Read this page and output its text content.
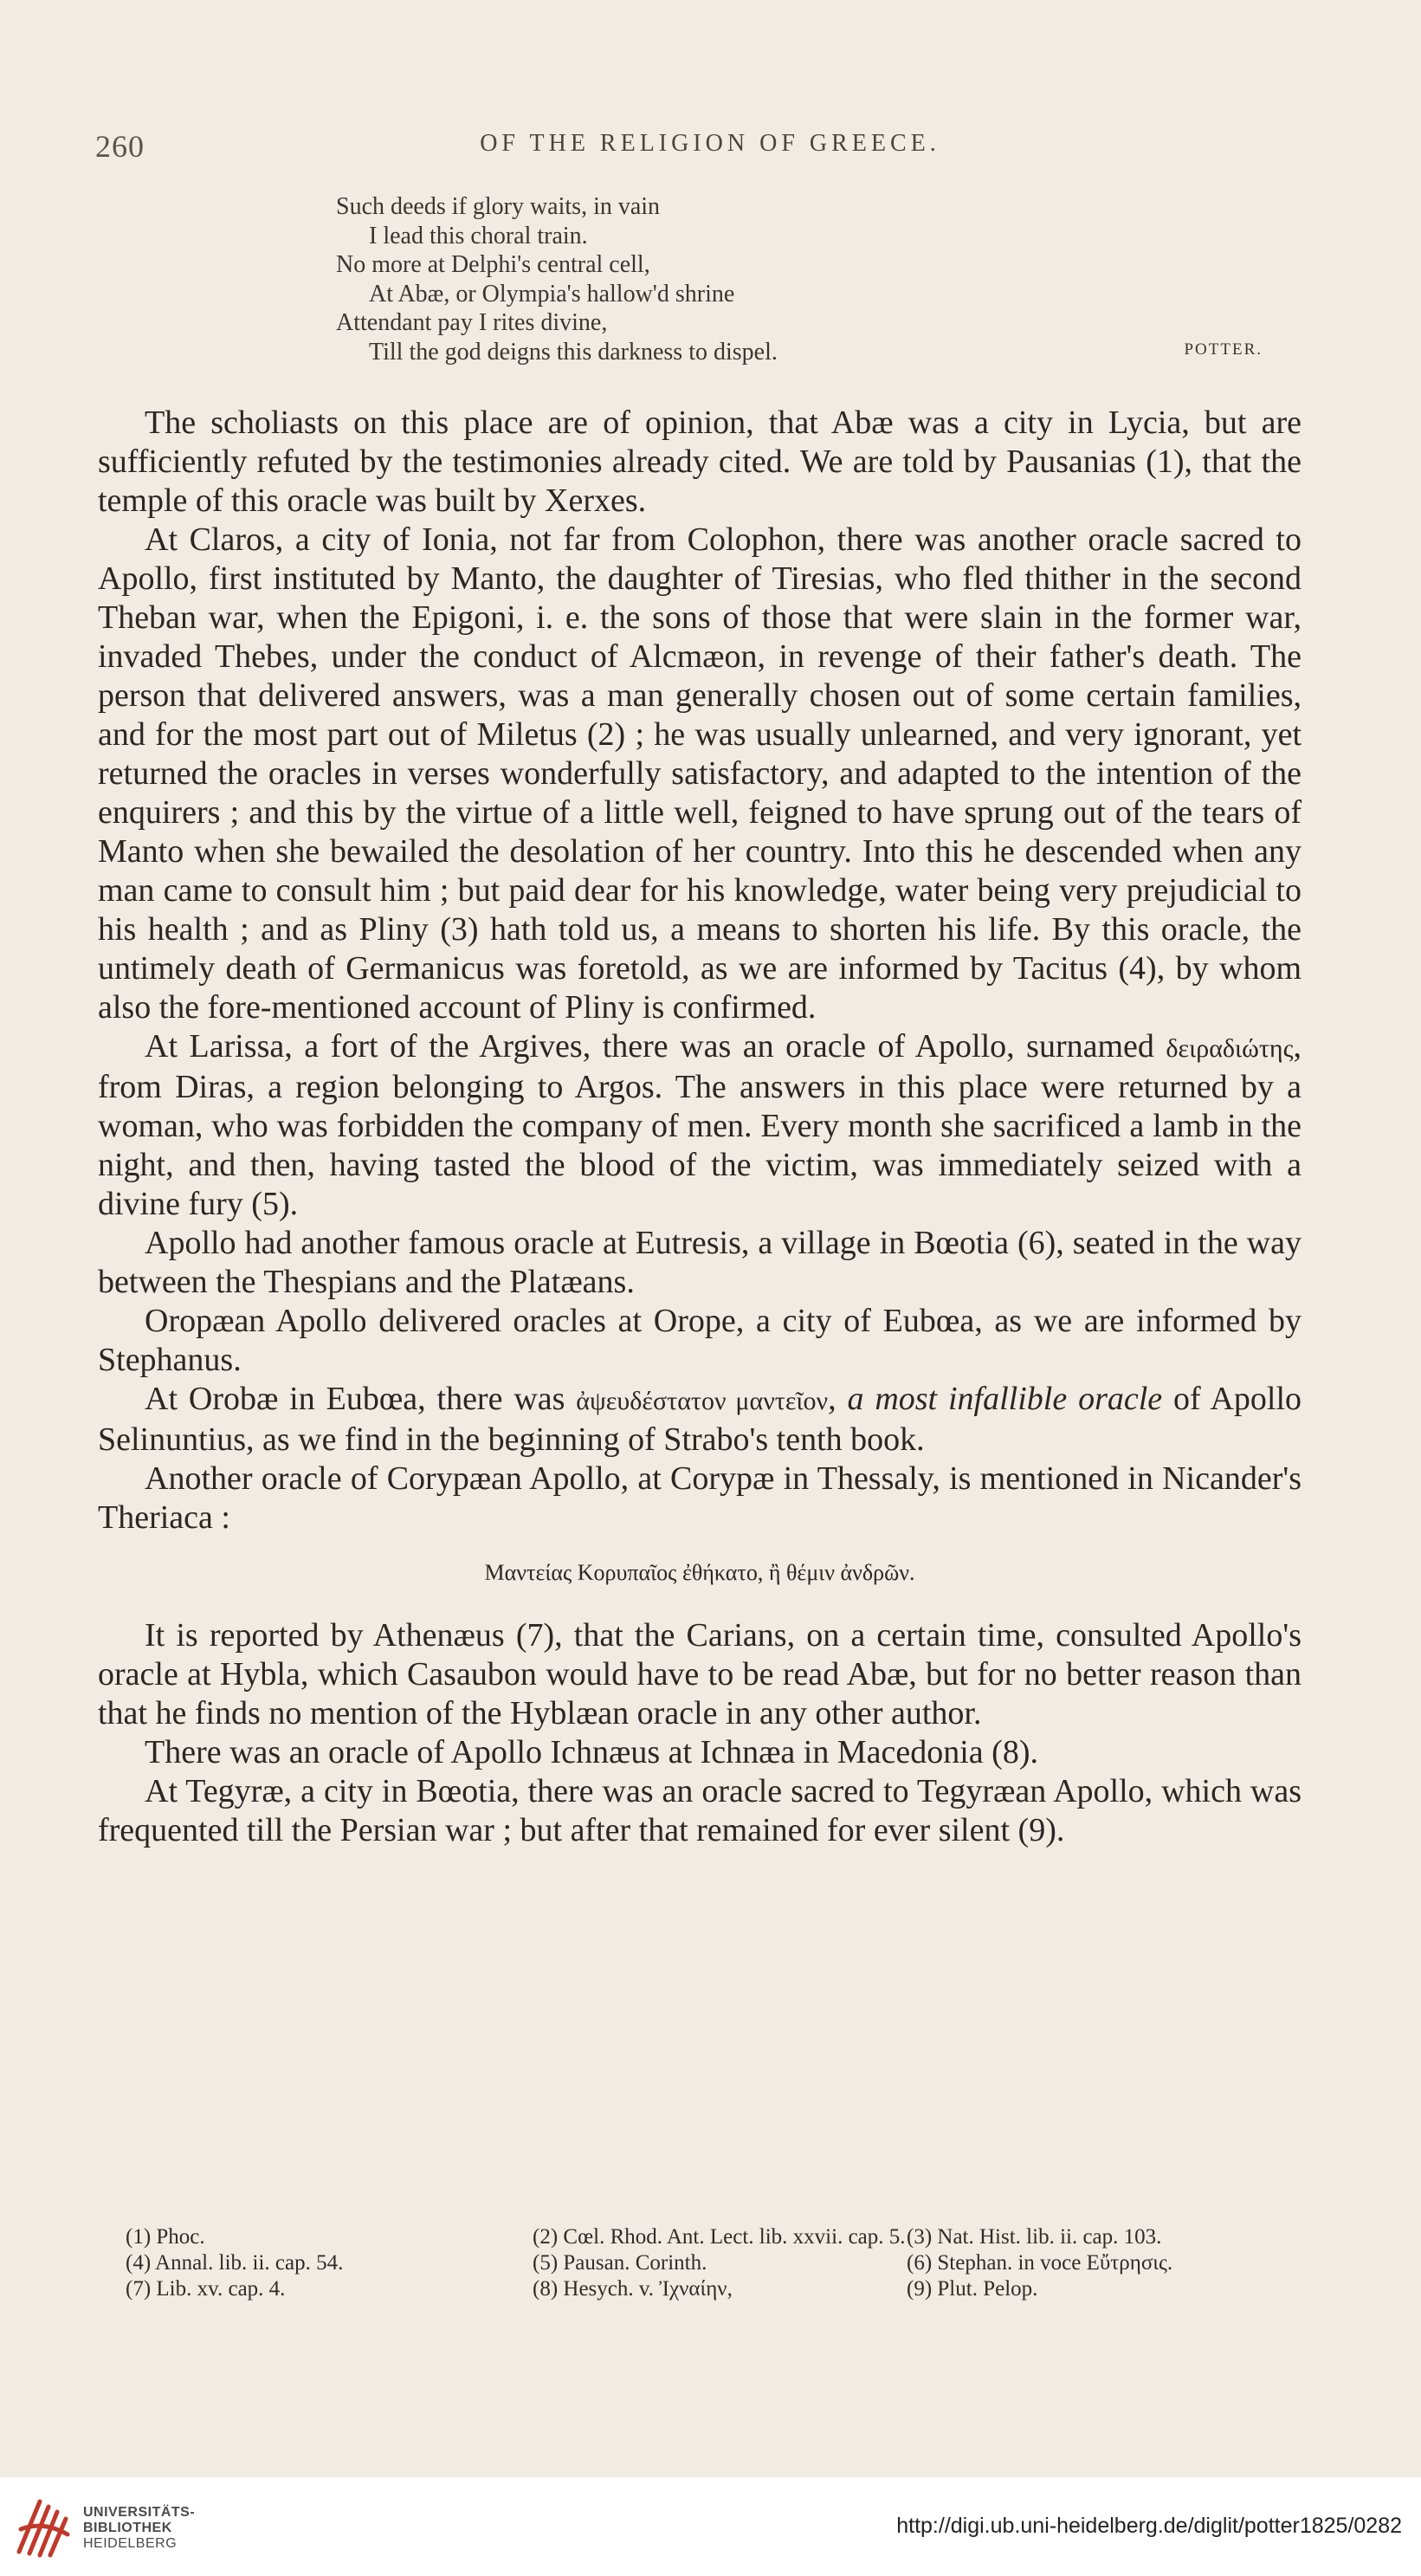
260	OF THE RELIGION OF GREECE.
Such deeds if glory waits, in vain
I lead this choral train.
No more at Delphi's central cell,
At Abæ, or Olympia's hallow'd shrine
Attendant pay I rites divine,
Till the god deigns this darkness to dispel.	POTTER.

The scholiasts on this place are of opinion, that Abæ was a city in Lycia, but are sufficiently refuted by the testimonies already cited. We are told by Pausanias (1), that the temple of this oracle was built by Xerxes.

At Claros, a city of Ionia, not far from Colophon, there was another oracle sacred to Apollo, first instituted by Manto, the daughter of Tiresias, who fled thither in the second Theban war, when the Epigoni, i. e. the sons of those that were slain in the former war, invaded Thebes, under the conduct of Alcmæon, in revenge of their father's death. The person that delivered answers, was a man generally chosen out of some certain families, and for the most part out of Miletus (2) ; he was usually unlearned, and very ignorant, yet returned the oracles in verses wonderfully satisfactory, and adapted to the intention of the enquirers ; and this by the virtue of a little well, feigned to have sprung out of the tears of Manto when she bewailed the desolation of her country. Into this he descended when any man came to consult him ; but paid dear for his knowledge, water being very prejudicial to his health ; and as Pliny (3) hath told us, a means to shorten his life. By this oracle, the untimely death of Germanicus was foretold, as we are informed by Tacitus (4), by whom also the fore-mentioned account of Pliny is confirmed.

At Larissa, a fort of the Argives, there was an oracle of Apollo, surnamed δειραδιώτης, from Diras, a region belonging to Argos. The answers in this place were returned by a woman, who was forbidden the company of men. Every month she sacrificed a lamb in the night, and then, having tasted the blood of the victim, was immediately seized with a divine fury (5).

Apollo had another famous oracle at Eutresis, a village in Bœotia (6), seated in the way between the Thespians and the Platæans.

Oropæan Apollo delivered oracles at Orope, a city of Eubœa, as we are informed by Stephanus.

At Orobæ in Eubœa, there was ἀψευδέστατον μαντεῖον, a most infallible oracle of Apollo Selinuntius, as we find in the beginning of Strabo's tenth book.

Another oracle of Corypæan Apollo, at Corypæ in Thessaly, is mentioned in Nicander's Theriaca :

Μαντείας Κορυπαῖος ἐθήκατο, ἢ θέμιν ἀνδρῶν.

It is reported by Athenæus (7), that the Carians, on a certain time, consulted Apollo's oracle at Hybla, which Casaubon would have to be read Abæ, but for no better reason than that he finds no mention of the Hyblæan oracle in any other author.

There was an oracle of Apollo Ichnæus at Ichnæa in Macedonia (8).

At Tegyræ, a city in Bœotia, there was an oracle sacred to Tegyræan Apollo, which was frequented till the Persian war ; but after that remained for ever silent (9).

(1) Phoc.	(2) Cœl. Rhod. Ant. Lect. lib. xxvii. cap. 5. (3) Nat. Hist. lib. ii. cap. 103.
(4) Annal. lib. ii. cap. 54.	(5) Pausan. Corinth.	(6) Stephan. in voce Εὔτρησις.
(7) Lib. xv. cap. 4.	(8) Hesych. v. Ἰχναίην,	(9) Plut. Pelop.
UNIVERSITÄTS-
BIBLIOTHEK
HEIDELBERG
http://digi.ub.uni-heidelberg.de/diglit/potter1825/0282
